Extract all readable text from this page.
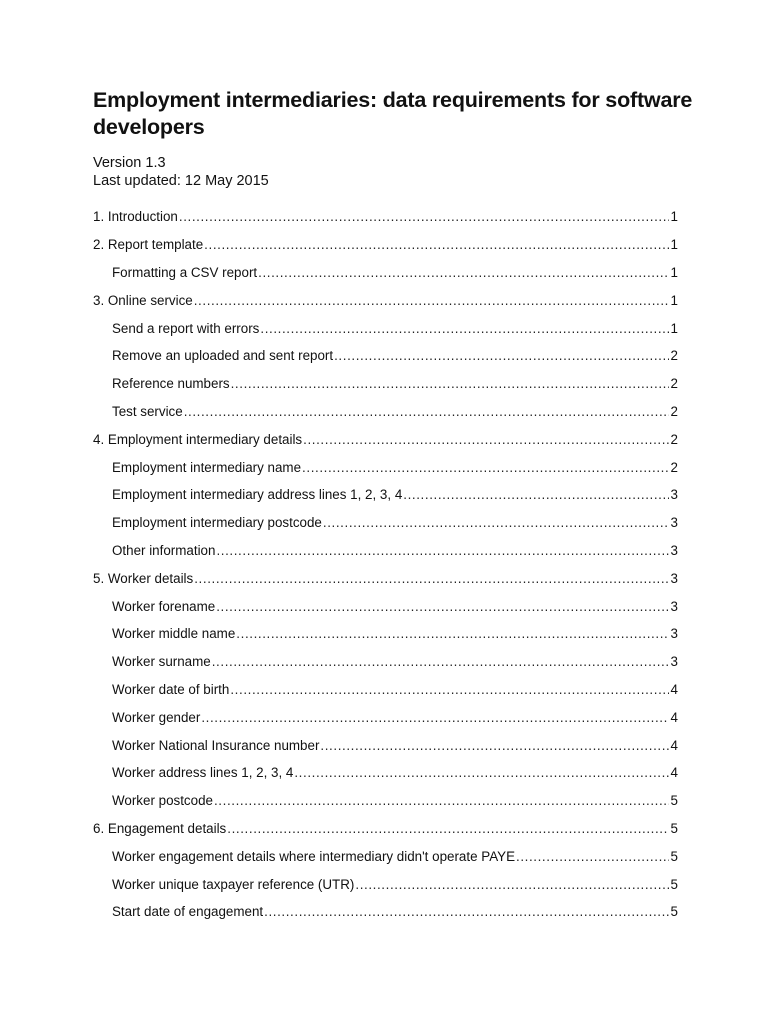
Employment intermediaries: data requirements for software developers
Version 1.3
Last updated: 12 May 2015
1. Introduction .....	1
2. Report template .....	1
Formatting a CSV report .....	1
3. Online service .....	1
Send a report with errors .....	1
Remove an uploaded and sent report .....	2
Reference numbers .....	2
Test service .....	2
4. Employment intermediary details .....	2
Employment intermediary name .....	2
Employment intermediary address lines 1, 2, 3, 4 .....	3
Employment intermediary postcode .....	3
Other information .....	3
5. Worker details .....	3
Worker forename .....	3
Worker middle name .....	3
Worker surname .....	3
Worker date of birth .....	4
Worker gender .....	4
Worker National Insurance number .....	4
Worker address lines 1, 2, 3, 4 .....	4
Worker postcode .....	5
6. Engagement details .....	5
Worker engagement details where intermediary didn't operate PAYE .....	5
Worker unique taxpayer reference (UTR) .....	5
Start date of engagement .....	5
